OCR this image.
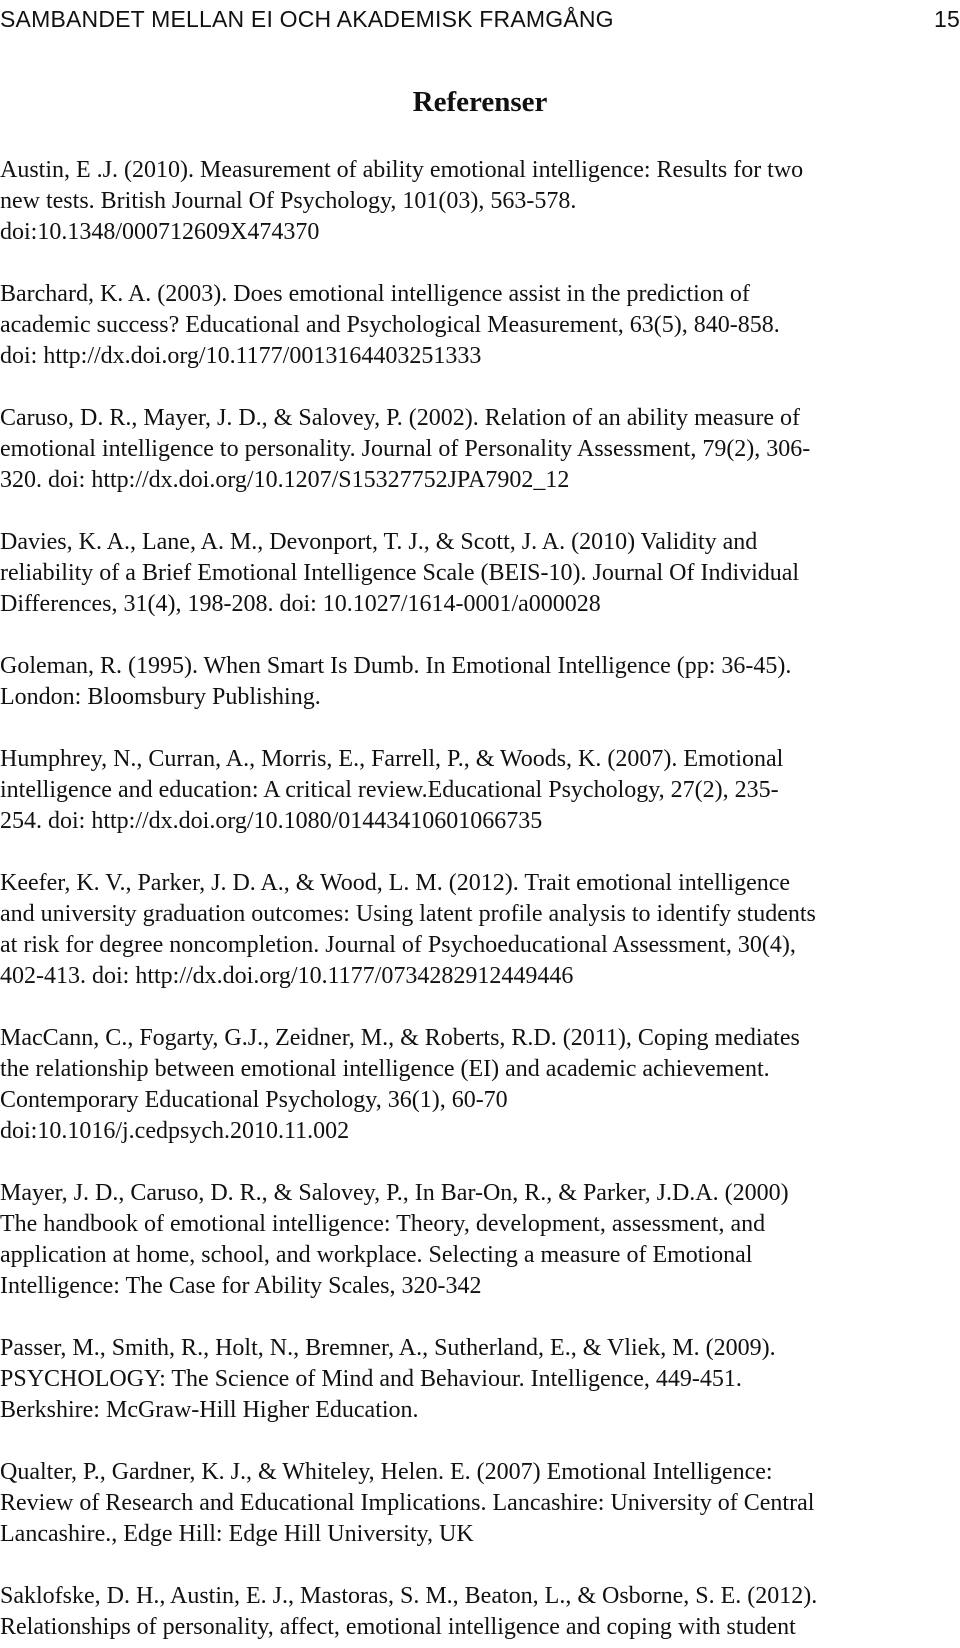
SAMBANDET MELLAN EI OCH AKADEMISK FRAMGÅNG	15
Referenser
Austin, E .J. (2010). Measurement of ability emotional intelligence: Results for two
new tests. British Journal Of Psychology, 101(03), 563-578.
doi:10.1348/000712609X474370
Barchard, K. A. (2003). Does emotional intelligence assist in the prediction of
academic success? Educational and Psychological Measurement, 63(5), 840-858.
doi: http://dx.doi.org/10.1177/0013164403251333
Caruso, D. R., Mayer, J. D., & Salovey, P. (2002). Relation of an ability measure of
emotional intelligence to personality. Journal of Personality Assessment, 79(2), 306-
320. doi: http://dx.doi.org/10.1207/S15327752JPA7902_12
Davies, K. A., Lane, A. M., Devonport, T. J., & Scott, J. A. (2010) Validity and
reliability of a Brief Emotional Intelligence Scale (BEIS-10). Journal Of Individual
Differences, 31(4), 198-208. doi: 10.1027/1614-0001/a000028
Goleman, R. (1995). When Smart Is Dumb. In Emotional Intelligence (pp: 36-45).
London: Bloomsbury Publishing.
Humphrey, N., Curran, A., Morris, E., Farrell, P., & Woods, K. (2007). Emotional
intelligence and education: A critical review.Educational Psychology, 27(2), 235-
254. doi: http://dx.doi.org/10.1080/01443410601066735
Keefer, K. V., Parker, J. D. A., & Wood, L. M. (2012). Trait emotional intelligence
and university graduation outcomes: Using latent profile analysis to identify students
at risk for degree noncompletion. Journal of Psychoeducational Assessment, 30(4),
402-413. doi: http://dx.doi.org/10.1177/0734282912449446
MacCann, C., Fogarty, G.J., Zeidner, M., & Roberts, R.D. (2011), Coping mediates
the relationship between emotional intelligence (EI) and academic achievement.
Contemporary Educational Psychology, 36(1), 60-70
doi:10.1016/j.cedpsych.2010.11.002
Mayer, J. D., Caruso, D. R., & Salovey, P., In Bar-On, R., & Parker, J.D.A. (2000)
The handbook of emotional intelligence: Theory, development, assessment, and
application at home, school, and workplace. Selecting a measure of Emotional
Intelligence: The Case for Ability Scales, 320-342
Passer, M., Smith, R., Holt, N., Bremner, A., Sutherland, E., & Vliek, M. (2009).
PSYCHOLOGY: The Science of Mind and Behaviour. Intelligence, 449-451.
Berkshire: McGraw-Hill Higher Education.
Qualter, P., Gardner, K. J., & Whiteley, Helen. E. (2007) Emotional Intelligence:
Review of Research and Educational Implications. Lancashire: University of Central
Lancashire., Edge Hill: Edge Hill University, UK
Saklofske, D. H., Austin, E. J., Mastoras, S. M., Beaton, L., & Osborne, S. E. (2012).
Relationships of personality, affect, emotional intelligence and coping with student
